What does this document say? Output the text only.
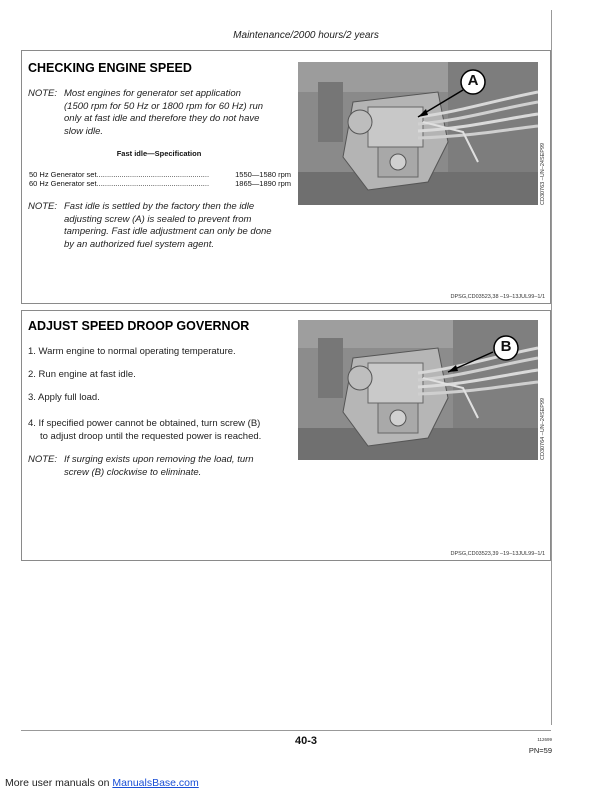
Maintenance/2000 hours/2 years
CHECKING ENGINE SPEED
NOTE: Most engines for generator set application
(1500 rpm for 50 Hz or 1800 rpm for 60 Hz) run
only at fast idle and therefore they do not have
slow idle.
Fast idle—Specification
50 Hz Generator set......................................................	1550—1580 rpm
60 Hz Generator set......................................................	1865—1890 rpm
NOTE: Fast idle is settled by the factory then the idle
adjusting screw (A) is sealed to prevent from
tampering. Fast idle adjustment can only be done
by an authorized fuel system agent.
A
CD30763 –UN–24SEP99
DPSG,CD03523,38 –19–13JUL99–1/1
ADJUST SPEED DROOP GOVERNOR
1. Warm engine to normal operating temperature.
2. Run engine at fast idle.
3. Apply full load.
4. If specified power cannot be obtained, turn screw (B)
to adjust droop until the requested power is reached.
NOTE: If surging exists upon removing the load, turn
screw (B) clockwise to eliminate.
B
CD30764 –UN–24SEP99
DPSG,CD03523,39 –19–13JUL99–1/1
40-3	112699
PN=59
More user manuals on ManualsBase.com
